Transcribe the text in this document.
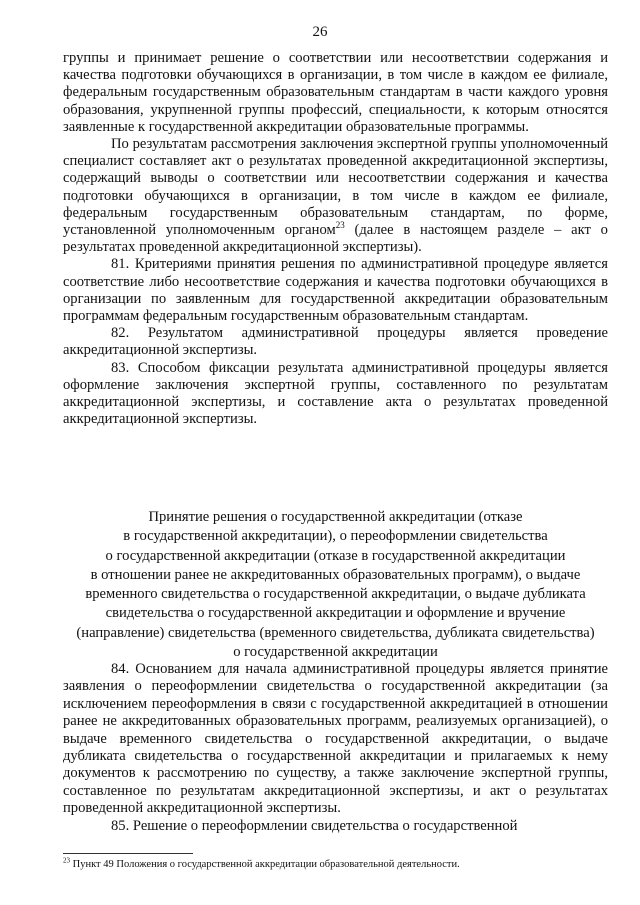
26

группы и принимает решение о соответствии или несоответствии содержания и качества подготовки обучающихся в организации, в том числе в каждом ее филиале, федеральным государственным образовательным стандартам в части каждого уровня образования, укрупненной группы профессий, специальности, к которым относятся заявленные к государственной аккредитации образовательные программы.

По результатам рассмотрения заключения экспертной группы уполномоченный специалист составляет акт о результатах проведенной аккредитационной экспертизы, содержащий выводы о соответствии или несоответствии содержания и качества подготовки обучающихся в организации, в том числе в каждом ее филиале, федеральным государственным образовательным стандартам, по форме, установленной уполномоченным органом$^{23}$ (далее в настоящем разделе – акт о результатах проведенной аккредитационной экспертизы).

81. Критериями принятия решения по административной процедуре является соответствие либо несоответствие содержания и качества подготовки обучающихся в организации по заявленным для государственной аккредитации образовательным программам федеральным государственным образовательным стандартам.

82. Результатом административной процедуры является проведение аккредитационной экспертизы.

83. Способом фиксации результата административной процедуры является оформление заключения экспертной группы, составленного по результатам аккредитационной экспертизы, и составление акта о результатах проведенной аккредитационной экспертизы.

Принятие решения о государственной аккредитации (отказе
в государственной аккредитации), о переоформлении свидетельства
о государственной аккредитации (отказе в государственной аккредитации
в отношении ранее не аккредитованных образовательных программ), о выдаче
временного свидетельства о государственной аккредитации, о выдаче дубликата
свидетельства о государственной аккредитации и оформление и вручение
(направление) свидетельства (временного свидетельства, дубликата свидетельства)
о государственной аккредитации

84. Основанием для начала административной процедуры является принятие заявления о переоформлении свидетельства о государственной аккредитации (за исключением переоформления в связи с государственной аккредитацией в отношении ранее не аккредитованных образовательных программ, реализуемых организацией), о выдаче временного свидетельства о государственной аккредитации, о выдаче дубликата свидетельства о государственной аккредитации и прилагаемых к нему документов к рассмотрению по существу, а также заключение экспертной группы, составленное по результатам аккредитационной экспертизы, и акт о результатах проведенной аккредитационной экспертизы.

85. Решение о переоформлении свидетельства о государственной

$^{23}$ Пункт 49 Положения о государственной аккредитации образовательной деятельности.
